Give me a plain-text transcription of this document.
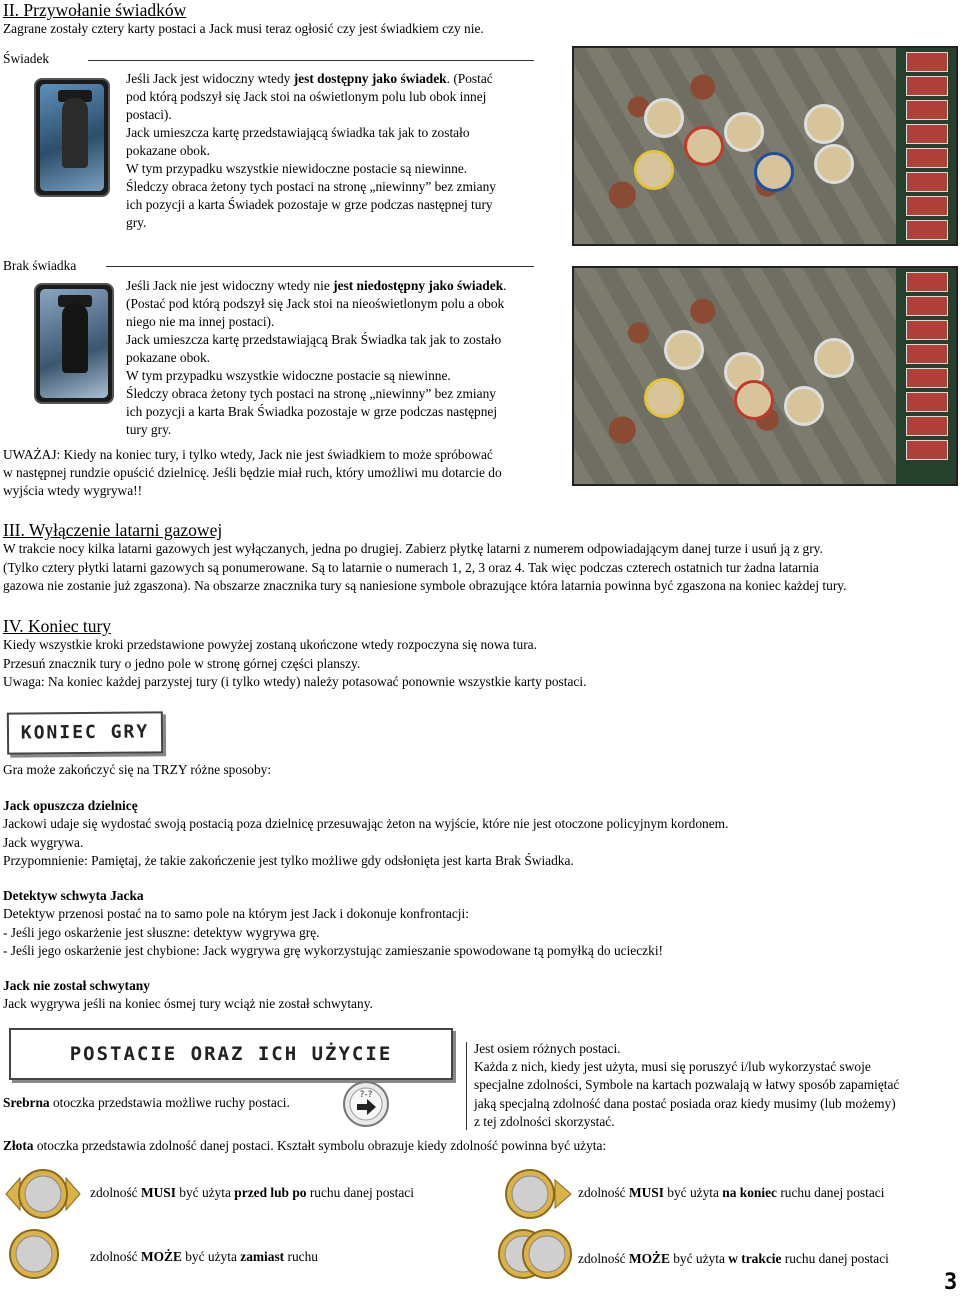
II. Przywołanie świadków
Zagrane zostały cztery karty postaci a Jack musi teraz ogłosić czy jest świadkiem czy nie.
Świadek
Jeśli Jack jest widoczny wtedy jest dostępny jako świadek. (Postać
pod którą podszył się Jack stoi na oświetlonym polu lub obok innej
postaci).
Jack umieszcza kartę przedstawiającą świadka tak jak to zostało
pokazane obok.
W tym przypadku wszystkie niewidoczne postacie są niewinne.
Śledczy obraca żetony tych postaci na stronę „niewinny” bez zmiany
ich pozycji a karta Świadek pozostaje w grze podczas następnej tury
gry.
Brak świadka
Jeśli Jack nie jest widoczny wtedy nie jest niedostępny jako świadek.
(Postać pod którą podszył się Jack stoi na nieoświetlonym polu a obok
niego nie ma innej postaci).
Jack umieszcza kartę przedstawiającą Brak Świadka tak jak to zostało
pokazane obok.
W tym przypadku wszystkie widoczne postacie są niewinne.
Śledczy obraca żetony tych postaci na stronę „niewinny” bez zmiany
ich pozycji a karta Brak Świadka pozostaje w grze podczas następnej
tury gry.
UWAŻAJ: Kiedy na koniec tury, i tylko wtedy, Jack nie jest świadkiem to może spróbować
w następnej rundzie opuścić dzielnicę. Jeśli będzie miał ruch, który umożliwi mu dotarcie do
wyjścia wtedy wygrywa!!
III. Wyłączenie latarni gazowej
W trakcie nocy kilka latarni gazowych jest wyłączanych, jedna po drugiej. Zabierz płytkę latarni z numerem odpowiadającym danej turze i usuń ją z gry.
(Tylko cztery płytki latarni gazowych są ponumerowane. Są to latarnie o numerach 1, 2, 3 oraz 4. Tak więc podczas czterech ostatnich tur żadna latarnia
gazowa nie zostanie już zgaszona). Na obszarze znacznika tury są naniesione symbole obrazujące która latarnia powinna być zgaszona na koniec każdej tury.
IV. Koniec tury
Kiedy wszystkie kroki przedstawione powyżej zostaną ukończone wtedy rozpoczyna się nowa tura.
Przesuń znacznik tury o jedno pole w stronę górnej części planszy.
Uwaga: Na koniec każdej parzystej tury (i tylko wtedy) należy potasować ponownie wszystkie karty postaci.
KONIEC GRY
Gra może zakończyć się na TRZY różne sposoby:
Jack opuszcza dzielnicę
Jackowi udaje się wydostać swoją postacią poza dzielnicę przesuwając żeton na wyjście, które nie jest otoczone policyjnym kordonem.
Jack wygrywa.
Przypomnienie: Pamiętaj, że takie zakończenie jest tylko możliwe gdy odsłonięta jest karta Brak Świadka.
Detektyw schwyta Jacka
Detektyw przenosi postać na to samo pole na którym jest Jack i dokonuje konfrontacji:
- Jeśli jego oskarżenie jest słuszne: detektyw wygrywa grę.
- Jeśli jego oskarżenie jest chybione: Jack wygrywa grę wykorzystując zamieszanie spowodowane tą pomyłką do ucieczki!
Jack nie został schwytany
Jack wygrywa jeśli na koniec ósmej tury wciąż nie został schwytany.
POSTACIE ORAZ ICH UŻYCIE	Jest osiem różnych postaci.
Każda z nich, kiedy jest użyta, musi się poruszyć i/lub wykorzystać swoje
specjalne zdolności, Symbole na kartach pozwalają w łatwy sposób zapamiętać
jaką specjalną zdolność dana postać posiada oraz kiedy musimy (lub możemy)
z tej zdolności skorzystać.
Srebrna otoczka przedstawia możliwe ruchy postaci.	?-?
Złota otoczka przedstawia zdolność danej postaci. Kształt symbolu obrazuje kiedy zdolność powinna być użyta:
zdolność MUSI być użyta przed lub po ruchu danej postaci	zdolność MUSI być użyta na koniec ruchu danej postaci
zdolność MOŻE być użyta zamiast ruchu	zdolność MOŻE być użyta w trakcie ruchu danej postaci
3
